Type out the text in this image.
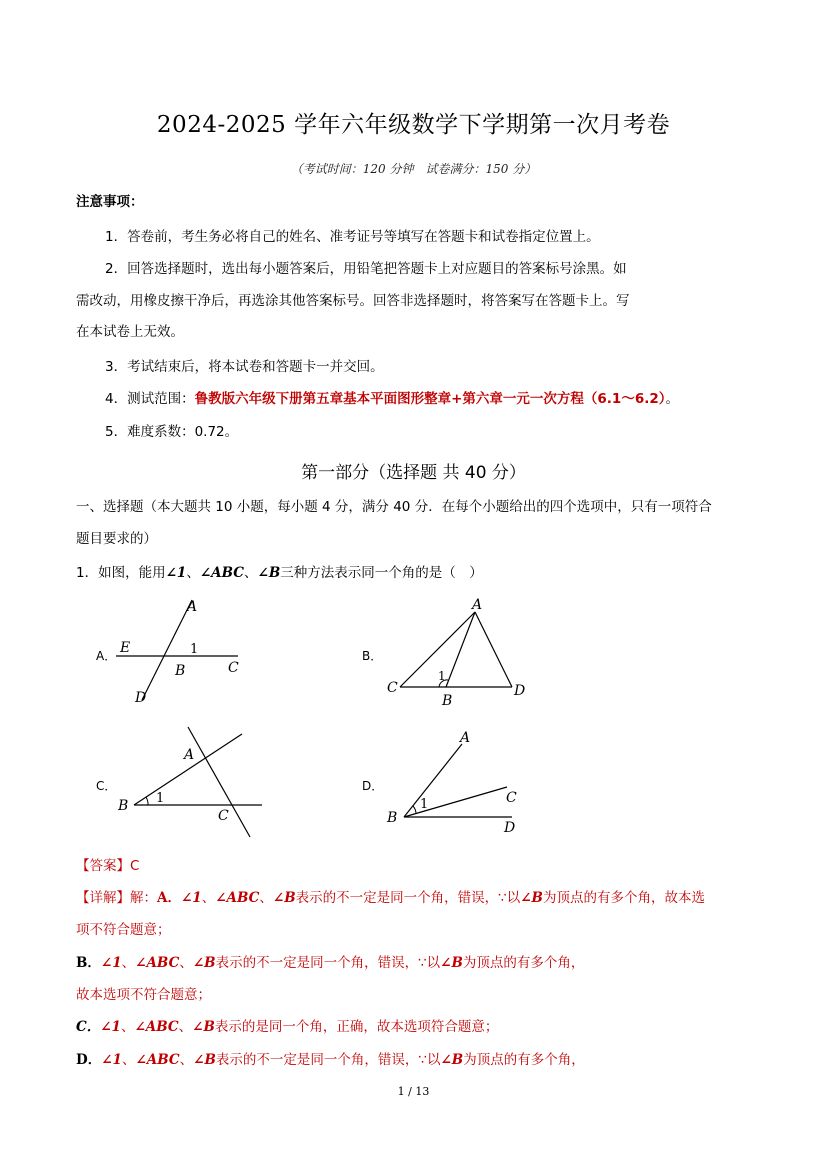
2024-2025 学年六年级数学下学期第一次月考卷
（考试时间：120 分钟　试卷满分：150 分）
注意事项：
1．答卷前，考生务必将自己的姓名、准考证号等填写在答题卡和试卷指定位置上。
2．回答选择题时，选出每小题答案后，用铅笔把答题卡上对应题目的答案标号涂黑。如
需改动，用橡皮擦干净后，再选涂其他答案标号。回答非选择题时，将答案写在答题卡上。写
在本试卷上无效。
3．考试结束后，将本试卷和答题卡一并交回。
4．测试范围：鲁教版六年级下册第五章基本平面图形整章+第六章一元一次方程（6.1～6.2）。
5．难度系数：0.72。
第一部分（选择题 共 40 分）
一、选择题（本大题共 10 小题，每小题 4 分，满分 40 分．在每个小题给出的四个选项中，只有一项符合
题目要求的）
1．如图，能用∠1、∠ABC、∠B三种方法表示同一个角的是（　）
A．
A
E	1
B	C
D
B．
A
C
1
B
D
C．
A
B 1
C
D．
A
1	C
B
D
【答案】C
【详解】解：A．∠1、∠ABC、∠B表示的不一定是同一个角，错误，∵以∠B为顶点的有多个角，故本选
项不符合题意；
B．∠1、∠ABC、∠B表示的不一定是同一个角，错误，∵以∠B为顶点的有多个角，
故本选项不符合题意；
C．∠1、∠ABC、∠B表示的是同一个角，正确，故本选项符合题意；
D．∠1、∠ABC、∠B表示的不一定是同一个角，错误，∵以∠B为顶点的有多个角，
1 / 13
